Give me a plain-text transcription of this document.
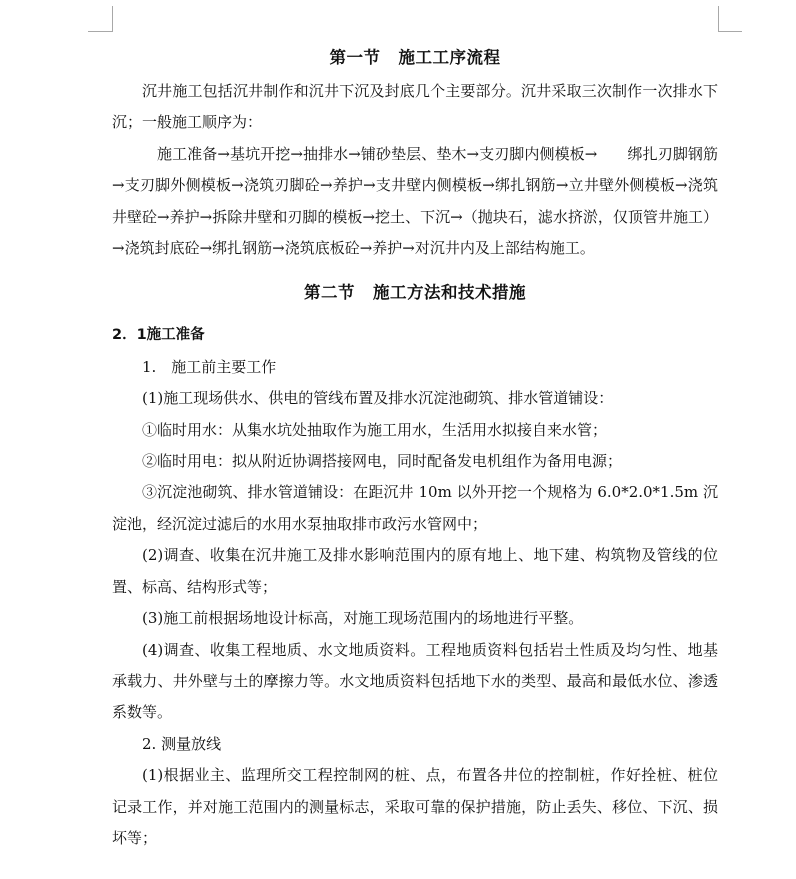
第一节 施工工序流程

沉井施工包括沉井制作和沉井下沉及封底几个主要部分。沉井采取三次制作一次排水下沉；一般施工顺序为：

施工准备→基坑开挖→抽排水→铺砂垫层、垫木→支刃脚内侧模板→　　绑扎刃脚钢筋→支刃脚外侧模板→浇筑刃脚砼→养护→支井壁内侧模板→绑扎钢筋→立井壁外侧模板→浇筑井壁砼→养护→拆除井壁和刃脚的模板→挖土、下沉→（抛块石，滤水挤淤，仅顶管井施工）→浇筑封底砼→绑扎钢筋→浇筑底板砼→养护→对沉井内及上部结构施工。

第二节 施工方法和技术措施

2．1施工准备

1.　施工前主要工作

(1)施工现场供水、供电的管线布置及排水沉淀池砌筑、排水管道铺设：

①临时用水：从集水坑处抽取作为施工用水，生活用水拟接自来水管；

②临时用电：拟从附近协调搭接网电，同时配备发电机组作为备用电源；

③沉淀池砌筑、排水管道铺设：在距沉井 10m 以外开挖一个规格为 6.0*2.0*1.5m 沉淀池，经沉淀过滤后的水用水泵抽取排市政污水管网中；

(2)调查、收集在沉井施工及排水影响范围内的原有地上、地下建、构筑物及管线的位置、标高、结构形式等；

(3)施工前根据场地设计标高，对施工现场范围内的场地进行平整。

(4)调查、收集工程地质、水文地质资料。工程地质资料包括岩土性质及均匀性、地基承载力、井外壁与土的摩擦力等。水文地质资料包括地下水的类型、最高和最低水位、渗透系数等。

2. 测量放线

(1)根据业主、监理所交工程控制网的桩、点，布置各井位的控制桩，作好拴桩、桩位记录工作，并对施工范围内的测量标志，采取可靠的保护措施，防止丢失、移位、下沉、损坏等；
